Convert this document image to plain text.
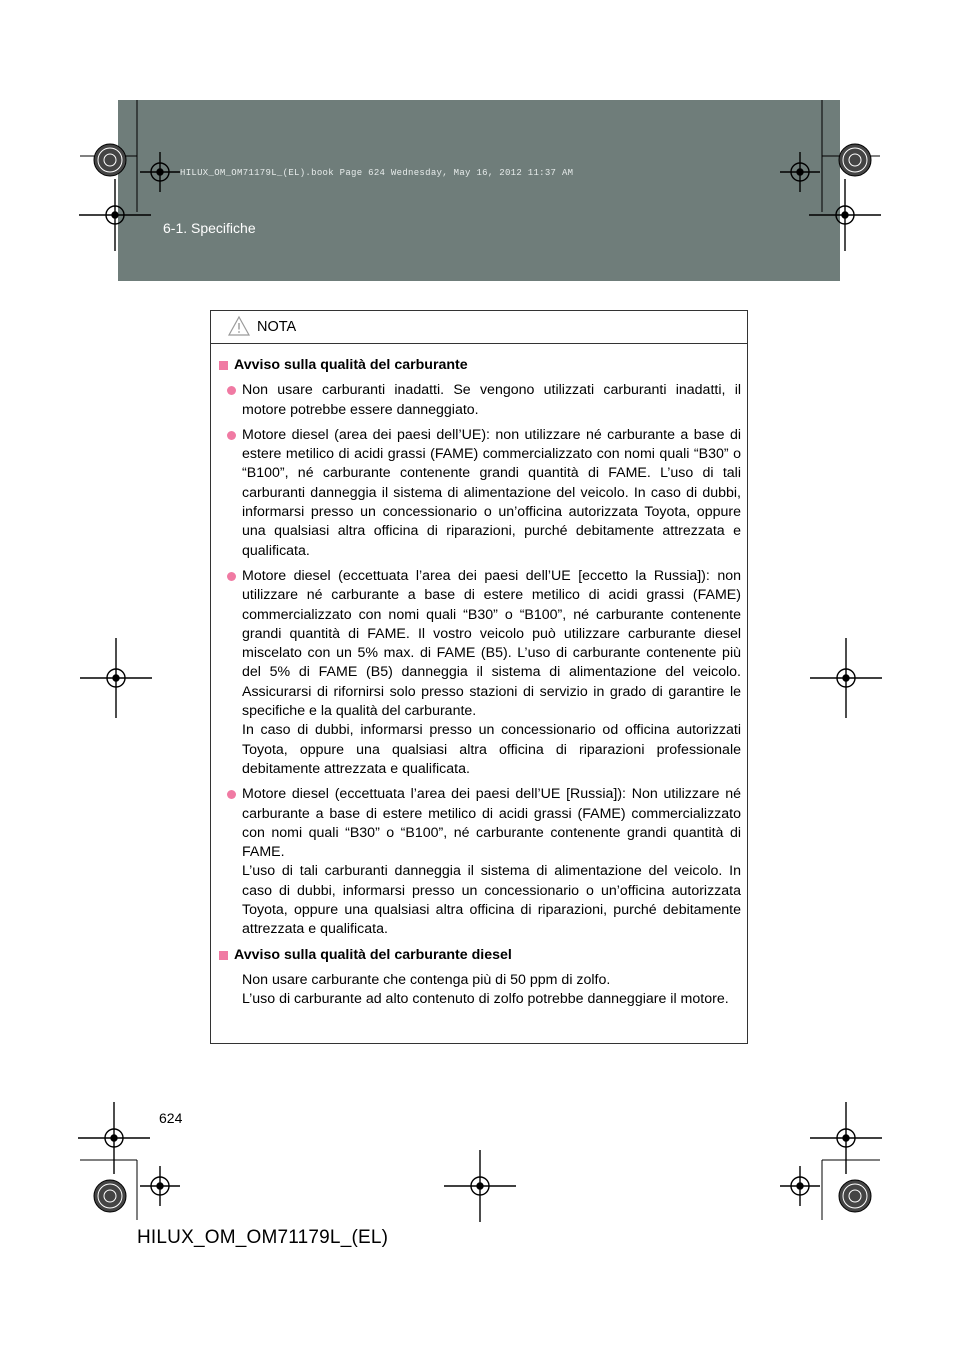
HILUX_OM_OM71179L_(EL).book Page 624 Wednesday, May 16, 2012 11:37 AM
6-1. Specifiche
NOTA
Avviso sulla qualità del carburante
Non usare carburanti inadatti. Se vengono utilizzati carburanti inadatti, il motore potrebbe essere danneggiato.
Motore diesel (area dei paesi dell’UE): non utilizzare né carburante a base di estere metilico di acidi grassi (FAME) commercializzato con nomi quali “B30” o “B100”, né carburante contenente grandi quantità di FAME. L’uso di tali carburanti danneggia il sistema di alimentazione del veicolo. In caso di dubbi, informarsi presso un concessionario o un’officina autorizzata Toyota, oppure una qualsiasi altra officina di riparazioni, purché debitamente attrezzata e qualificata.
Motore diesel (eccettuata l’area dei paesi dell’UE [eccetto la Russia]): non utilizzare né carburante a base di estere metilico di acidi grassi (FAME) commercializzato con nomi quali “B30” o “B100”, né carburante contenente grandi quantità di FAME. Il vostro veicolo può utilizzare carburante diesel miscelato con un 5% max. di FAME (B5). L’uso di carburante contenente più del 5% di FAME (B5) danneggia il sistema di alimentazione del veicolo. Assicurarsi di rifornirsi solo presso stazioni di servizio in grado di garantire le specifiche e la qualità del carburante.
In caso di dubbi, informarsi presso un concessionario od officina autorizzati Toyota, oppure una qualsiasi altra officina di riparazioni professionale debitamente attrezzata e qualificata.
Motore diesel (eccettuata l’area dei paesi dell’UE [Russia]): Non utilizzare né carburante a base di estere metilico di acidi grassi (FAME) commercializzato con nomi quali “B30” o “B100”, né carburante contenente grandi quantità di FAME.
L’uso di tali carburanti danneggia il sistema di alimentazione del veicolo. In caso di dubbi, informarsi presso un concessionario o un’officina autorizzata Toyota, oppure una qualsiasi altra officina di riparazioni, purché debitamente attrezzata e qualificata.
Avviso sulla qualità del carburante diesel
Non usare carburante che contenga più di 50 ppm di zolfo.
L’uso di carburante ad alto contenuto di zolfo potrebbe danneggiare il motore.
624
HILUX_OM_OM71179L_(EL)
